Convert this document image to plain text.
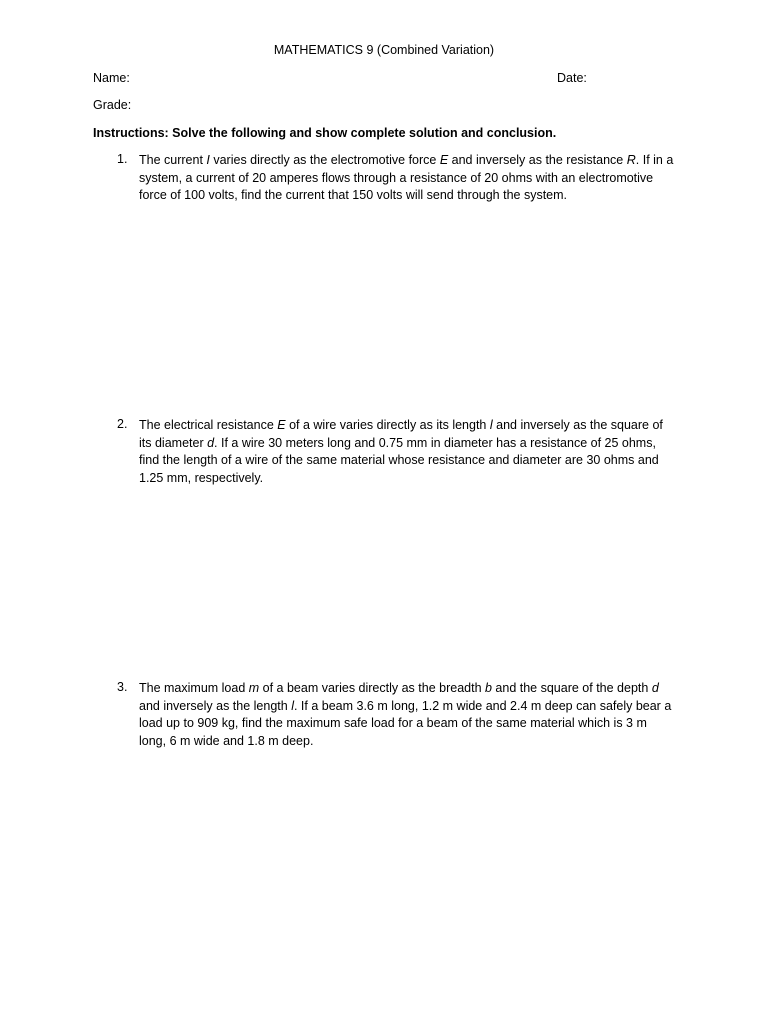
MATHEMATICS 9 (Combined Variation)
Name:	Date:
Grade:
Instructions: Solve the following and show complete solution and conclusion.
1. The current I varies directly as the electromotive force E and inversely as the resistance R. If in a system, a current of 20 amperes flows through a resistance of 20 ohms with an electromotive force of 100 volts, find the current that 150 volts will send through the system.
2. The electrical resistance E of a wire varies directly as its length l and inversely as the square of its diameter d. If a wire 30 meters long and 0.75 mm in diameter has a resistance of 25 ohms, find the length of a wire of the same material whose resistance and diameter are 30 ohms and 1.25 mm, respectively.
3. The maximum load m of a beam varies directly as the breadth b and the square of the depth d and inversely as the length l. If a beam 3.6 m long, 1.2 m wide and 2.4 m deep can safely bear a load up to 909 kg, find the maximum safe load for a beam of the same material which is 3 m long, 6 m wide and 1.8 m deep.
